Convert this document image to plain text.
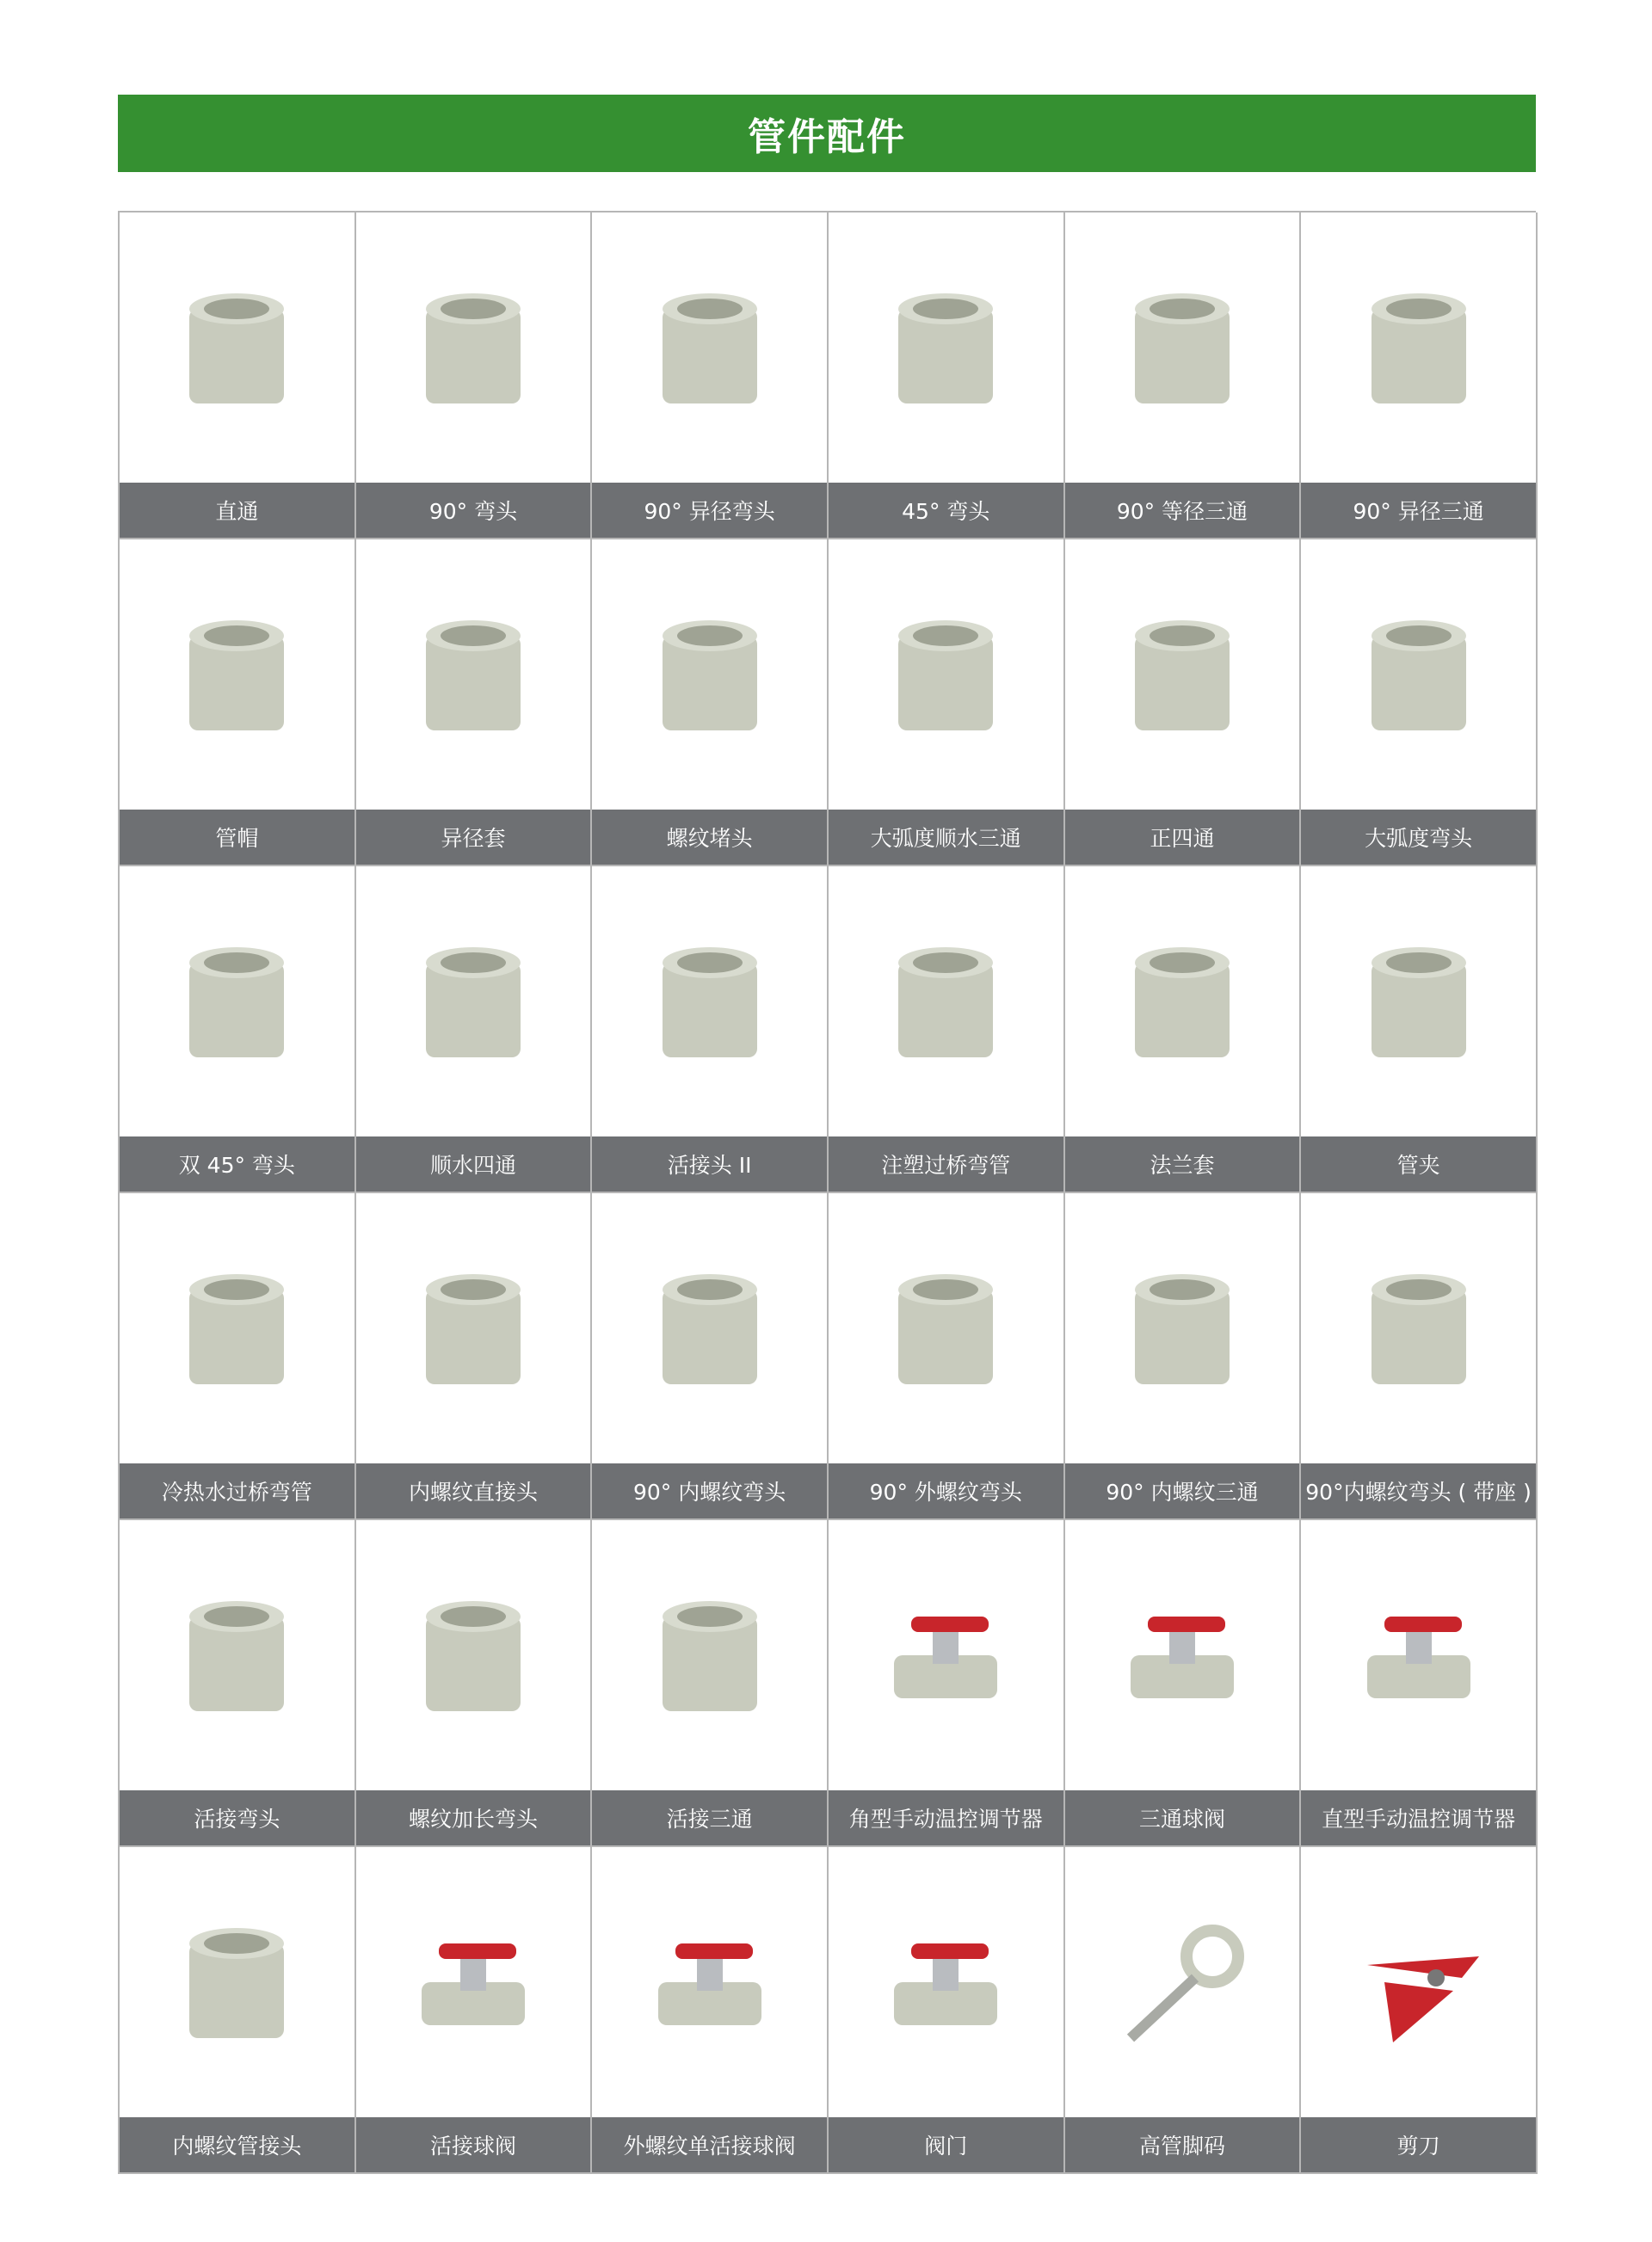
管件配件
直通	90° 弯头	90° 异径弯头	45° 弯头	90° 等径三通	90° 异径三通
管帽	异径套	螺纹堵头	大弧度顺水三通	正四通	大弧度弯头
双 45° 弯头	顺水四通	活接头 II	注塑过桥弯管	法兰套	管夹
冷热水过桥弯管	内螺纹直接头	90° 内螺纹弯头	90° 外螺纹弯头	90° 内螺纹三通	90°内螺纹弯头 ( 带座 )
活接弯头	螺纹加长弯头	活接三通	角型手动温控调节器	三通球阀	直型手动温控调节器
内螺纹管接头	活接球阀	外螺纹单活接球阀	阀门	高管脚码	剪刀
